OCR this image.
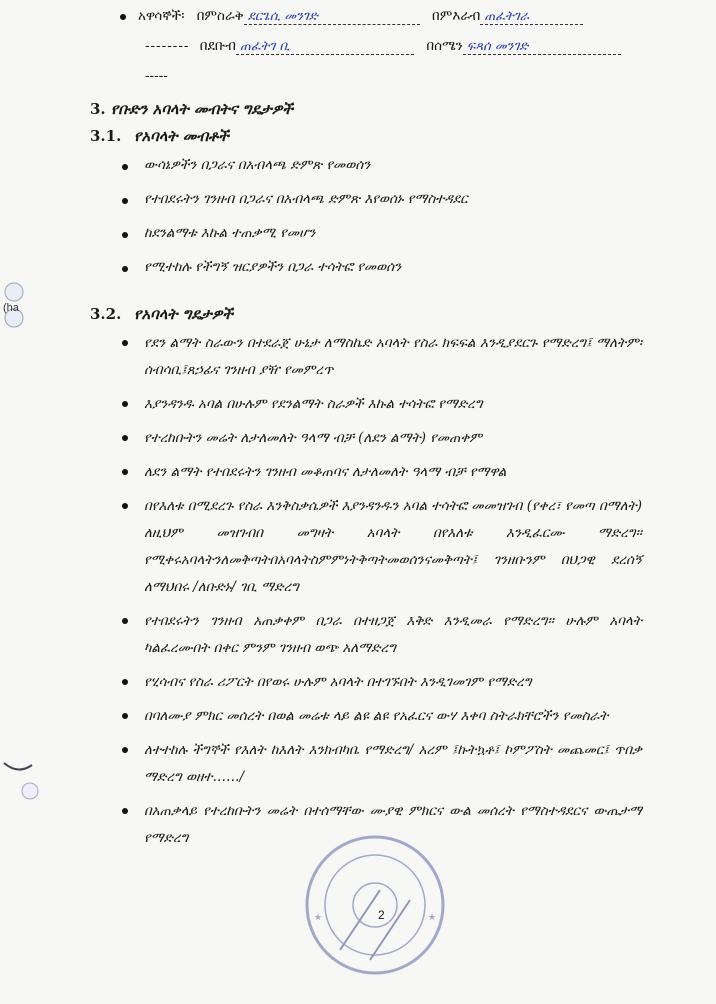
አዋሳኞች፡ በምስራቅ ደርጌሲ መንገድ	በምእራብ ጠፈትገራ
-------- በደቡብ ጠፈትገ ቢ	በሰሜን ፍጻሰ መንገድ
-----
3. የቡድን አባላት መብትና ግዴታዎች
3.1. የአባላት መብቶች
ውሳኔዎችን በጋራና በአብላጫ ድምጽ የመወሰን
የተበደሩትን ገንዘብ በጋራና በአብላጫ ድምጽ እየወሰኑ የማስተዳደር
ከደንልማቱ እኩል ተጠቃሚ የመሆን
የሚተከሉ የችግኝ ዝርያዎችን በጋራ ተሳትፎ የመወሰን
(ha	3.2. የአባላት ግዴታዎች
የደን ልማት ስራውን በተደራጀ ሁኔታ ለማስኬድ አባላት የስራ ክፍፍል እንዲያደርጉ የማድረግ፤ ማለትም፡ ሰብሳቢ፤ጸኃፊና ገንዘብ ያዥ የመምረጥ
እያንዳንዱ አባል በሁሉም የደንልማት ስራዎች እኩል ተሳትፎ የማድረግ
የተረከቡትን መሬት ለታለመለት ዓላማ ብቻ (ለደን ልማት) የመጠቀም
ለደን ልማት የተበደሩትን ገንዘብ መቆጠባና ለታለመለት ዓላማ ብቻ የማዋል
በየእለቱ በሚደረጉ የስራ እንቅስቃሴዎች እያንዳንዱን አባል ተሳትፎ መመዝገብ (የቀረ፣ የመጣ በማለት) ለዚህም መዝገብበ መግዛት አባላት በየእለቱ እንዲፈርሙ ማድረግ፡፡ የሚቀሩአባላትንለመቅጣትበአባላትስምምነትቅጣትመወሰንናመቅጣት፤ ገንዘቡንም በህጋዊ ደረሰኝ ለማህበሩ /ለቡድኑ/ ገቢ ማድረግ
የተበደሩትን ገንዘብ አጠቃቀም በጋራ በተዘጋጀ እቅድ እንዲመራ የማድረግ፡፡ ሁሉም አባላት ካልፈረሙበት በቀር ምንም ገንዘብ ወጭ አለማድረግ
የሂሳብና የስራ ሪፖርት በየወሩ ሁሉም አባላት በተገኙበት እንዲገመገም የማድረግ
በባለሙያ ምክር መሰረት በወል መሬቱ ላይ ልዩ ልዩ የአፈርና ውሃ እቀባ ስትራክቸሮችን የመስራት
ለተተከሉ ችግኞች የእለት ከእለት እንክብካቤ የማድረግ/ አረም ፤ኩትኳቶ፤ ኮምፖስት መጨመር፤ ጥበቃ ማድረግ ወዘተ……/
በአጠቃላይ የተረከቡትን መሬት በተሰማቸው ሙያዊ ምክርና ውል መሰረት የማስተዳደርና ውጤታማ የማድረግ
★	★
2
